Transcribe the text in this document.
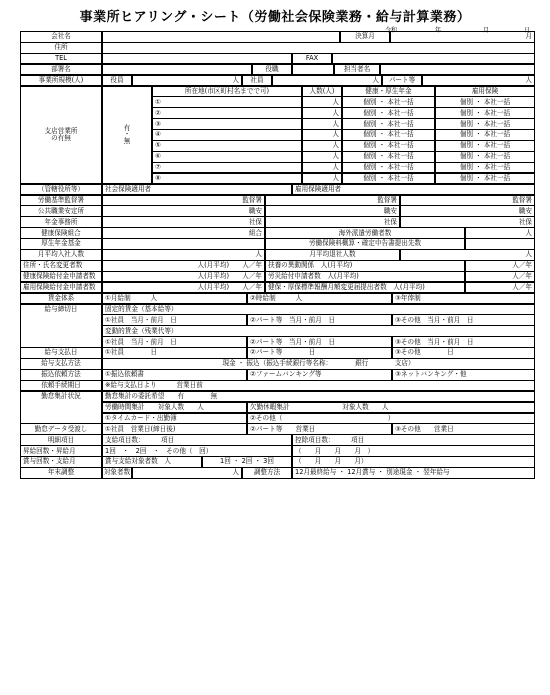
事業所ヒアリング・シート（労働社会保険業務・給与計算業務）
令和	年	月	日
会社名	決算月	月
住所
TEL	FAX
部署名	役職	担当者名
事業所規模(人)	役員	人	社員	人	パート等	人
支店営業所
の有無
有
・
無
所在地(市区町村名までで可)	人数(人)	健康・厚生年金	雇用保険
①	人	個別 ・ 本社一括	個別 ・ 本社一括
②	人	個別 ・ 本社一括	個別 ・ 本社一括
③	人	個別 ・ 本社一括	個別 ・ 本社一括
④	人	個別 ・ 本社一括	個別 ・ 本社一括
⑤	人	個別 ・ 本社一括	個別 ・ 本社一括
⑥	人	個別 ・ 本社一括	個別 ・ 本社一括
⑦	人	個別 ・ 本社一括	個別 ・ 本社一括
⑧	人	個別 ・ 本社一括	個別 ・ 本社一括
（管轄役所等）	社会保険適用者	雇用保険適用者
労働基準監督署	監督署	監督署	監督署
公共職業安定所	職安	職安	職安
年金事務所	社保	社保	社保
健康保険組合	組合	海外派遣労働者数	人
厚生年金基金	労働保険料概算・確定申告書提出先数
月平均入社人数	人	月平均退社人数	人
住所・氏名変更者数	人(月平均)　　人／年 扶養の異動関係　人(月平均)	人／年
健康保険給付金申請者数	人(月平均)　　人／年 労災給付申請者数　人(月平均)	人／年
雇用保険給付金申請者数	人(月平均)　　人／年 健保・厚保標準報酬月額変更届提出者数　人(月平均)	人／年
賃金体系	①月給制　　　人	②時給制　　　人	③年俸制
給与締切日	固定的賃金（基本給等）
①社員　当月・前月　日	②パート等　当月・前月　日	③その他　当月・前月　日
変動的賃金（残業代等）
①社員　当月・前月　日	②パート等　当月・前月　日	③その他　当月・前月　日
給与支払日	①社員　　　　日	②パート等　　　　日	③その他　　　　日
給与支払方法	現金 ・ 振込（振込手続銀行等名称：　　　　銀行　　　　支店）
振込依頼方法	①振込依頼書	②ファームバンキング等	③ネットバンキング・他
依頼手続期日	※給与支払日より　　　営業日前
勤怠集計状況	勤怠集計の委託希望　　有　　　　無
労働時間集計　　対象人数　　人	欠勤休暇集計　　　　　　　　対象人数　　人
①タイムカード・出勤簿	②その他（　　　　　　　　　　　　　　　　）
勤怠データ受渡し	①社員　営業日(締日後)	②パート等　　営業日	③その他　　営業日
明細項目	支給項目数：　　　項目	控除項目数：　　　項目
昇給回数・昇給月	1回　・　2回　・　その他（　回）	（　　月　　月　　月　）
賞与回数・支給月	賞与支給対象者数　人	1回 ・ 2回 ・ 3回	（　　月　　月　　月）
年末調整	対象者数	人	調整方法	12月最終給与 ・ 12月賞与 ・ 別途現金 ・ 翌年給与
